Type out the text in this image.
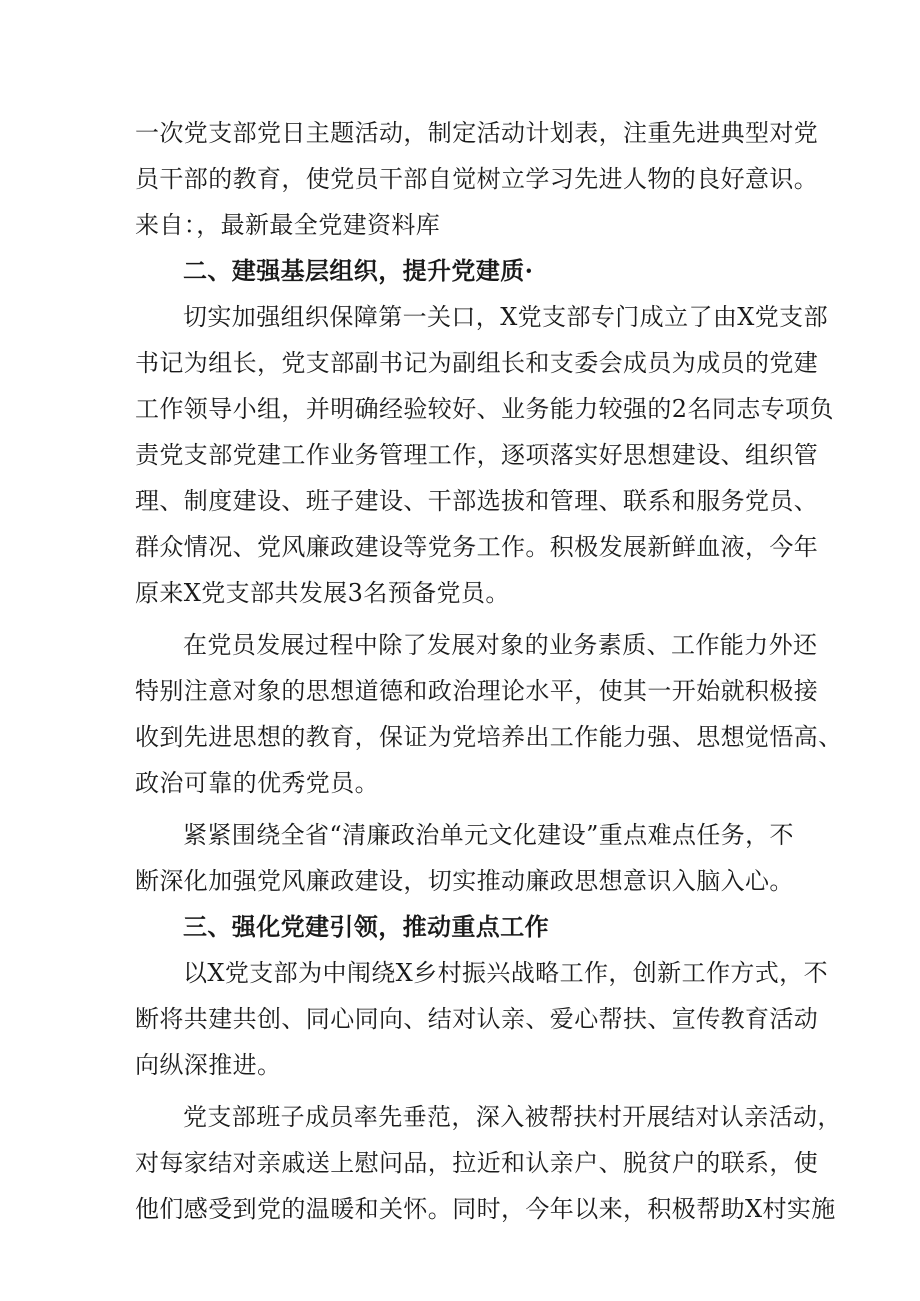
一次党支部党日主题活动，制定活动计划表，注重先进典型对党
员干部的教育，使党员干部自觉树立学习先进人物的良好意识。
来自：，最新最全党建资料库
二、建强基层组织，提升党建质·
切实加强组织保障第一关口，X党支部专门成立了由X党支部
书记为组长，党支部副书记为副组长和支委会成员为成员的党建
工作领导小组，并明确经验较好、业务能力较强的2名同志专项负
责党支部党建工作业务管理工作，逐项落实好思想建设、组织管
理、制度建设、班子建设、干部选拔和管理、联系和服务党员、
群众情况、党风廉政建设等党务工作。积极发展新鲜血液，今年
原来X党支部共发展3名预备党员。
在党员发展过程中除了发展对象的业务素质、工作能力外还
特别注意对象的思想道德和政治理论水平，使其一开始就积极接
收到先进思想的教育，保证为党培养出工作能力强、思想觉悟高、
政治可靠的优秀党员。
紧紧围绕全省“清廉政治单元文化建设”重点难点任务，不
断深化加强党风廉政建设，切实推动廉政思想意识入脑入心。
三、强化党建引领，推动重点工作
以X党支部为中闱绕X乡村振兴战略工作，创新工作方式，不
断将共建共创、同心同向、结对认亲、爱心帮扶、宣传教育活动
向纵深推进。
党支部班子成员率先垂范，深入被帮扶村开展结对认亲活动，
对每家结对亲戚送上慰问品，拉近和认亲户、脱贫户的联系，使
他们感受到党的温暖和关怀。同时，今年以来，积极帮助X村实施
